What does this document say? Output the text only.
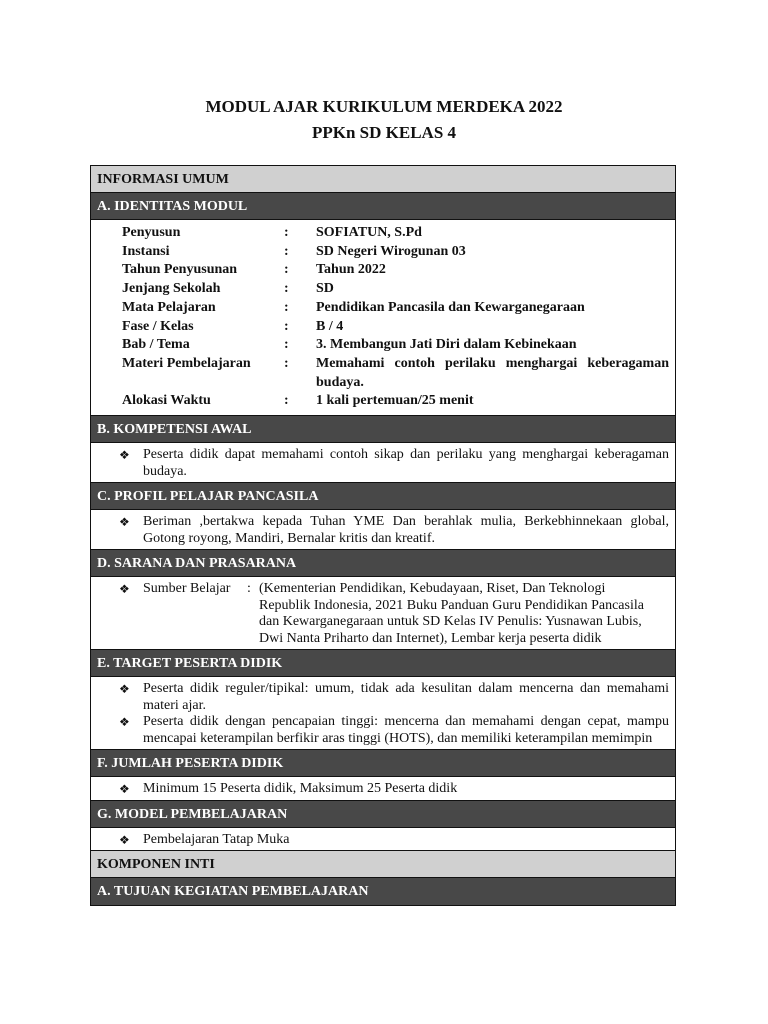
MODUL AJAR KURIKULUM MERDEKA 2022
PPKn SD KELAS 4
INFORMASI UMUM
A. IDENTITAS MODUL
Penyusun	:	SOFIATUN, S.Pd
Instansi	:	SD Negeri Wirogunan 03
Tahun Penyusunan	:	Tahun 2022
Jenjang Sekolah	:	SD
Mata Pelajaran	:	Pendidikan Pancasila dan Kewarganegaraan
Fase / Kelas	:	B / 4
Bab / Tema	:	3. Membangun Jati Diri dalam Kebinekaan
Materi Pembelajaran	:	Memahami contoh perilaku menghargai keberagaman budaya.
Alokasi Waktu	:	1 kali pertemuan/25 menit
B. KOMPETENSI AWAL
❖ Peserta didik dapat memahami contoh sikap dan perilaku yang menghargai keberagaman budaya.
C. PROFIL PELAJAR PANCASILA
❖ Beriman ,bertakwa kepada Tuhan YME Dan berahlak mulia, Berkebhinnekaan global, Gotong royong, Mandiri, Bernalar kritis dan kreatif.
D. SARANA DAN PRASARANA
❖ Sumber Belajar	: (Kementerian Pendidikan, Kebudayaan, Riset, Dan Teknologi Republik Indonesia, 2021 Buku Panduan Guru Pendidikan Pancasila dan Kewarganegaraan untuk SD Kelas IV Penulis: Yusnawan Lubis, Dwi Nanta Priharto dan Internet), Lembar kerja peserta didik
E. TARGET PESERTA DIDIK
❖ Peserta didik reguler/tipikal: umum, tidak ada kesulitan dalam mencerna dan memahami materi ajar.
❖ Peserta didik dengan pencapaian tinggi: mencerna dan memahami dengan cepat, mampu mencapai keterampilan berfikir aras tinggi (HOTS), dan memiliki keterampilan memimpin
F. JUMLAH PESERTA DIDIK
❖ Minimum 15 Peserta didik, Maksimum 25 Peserta didik
G. MODEL PEMBELAJARAN
❖ Pembelajaran Tatap Muka
KOMPONEN INTI
A. TUJUAN KEGIATAN PEMBELAJARAN
